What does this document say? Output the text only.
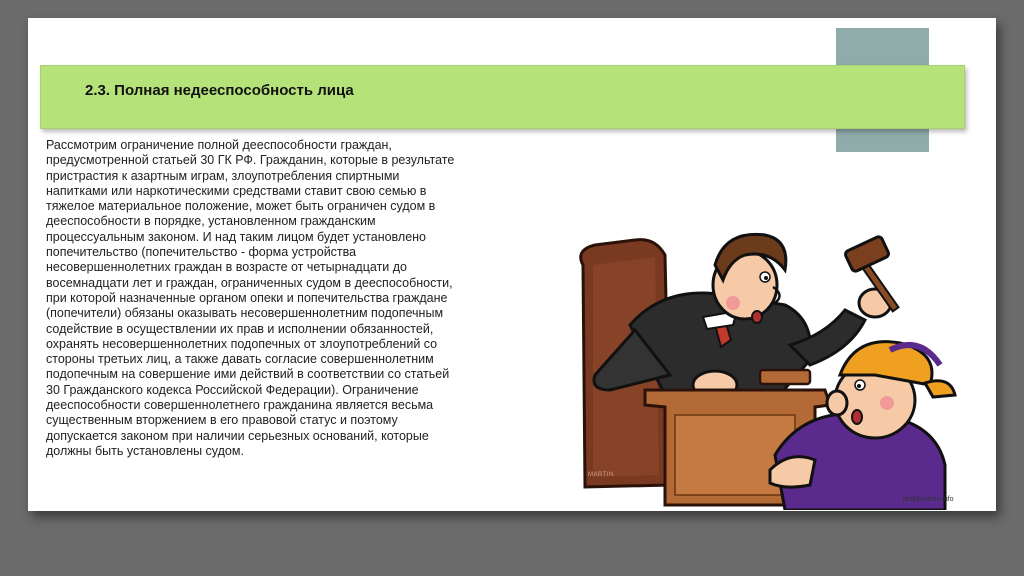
2.3. Полная недееспособность лица
Рассмотрим ограничение полной дееспособности граждан,
предусмотренной статьей 30 ГК РФ. Гражданин, которые в результате
пристрастия к азартным играм, злоупотребления спиртными
напитками или наркотическими средствами ставит свою семью в
тяжелое материальное положение, может быть ограничен судом в
дееспособности в порядке, установленном гражданским
процессуальным законом. И над таким лицом будет установлено
попечительство (попечительство - форма устройства
несовершеннолетних граждан в возрасте от четырнадцати до
восемнадцати лет и граждан, ограниченных судом в дееспособности,
при которой назначенные органом опеки и попечительства граждане
(попечители) обязаны оказывать несовершеннолетним подопечным
содействие в осуществлении их прав и исполнении обязанностей,
охранять несовершеннолетних подопечных от злоупотреблений со
стороны третьих лиц, а также давать согласие совершеннолетним
подопечным на совершение ими действий в соответствии со статьей
30 Гражданского кодекса Российской Федерации). Ограничение
дееспособности совершеннолетнего гражданина является весьма
существенным вторжением в его правовой статус и поэтому
допускается законом при наличии серьезных оснований, которые
должны быть установлены судом.
MARTIN
phillipmartin.info
